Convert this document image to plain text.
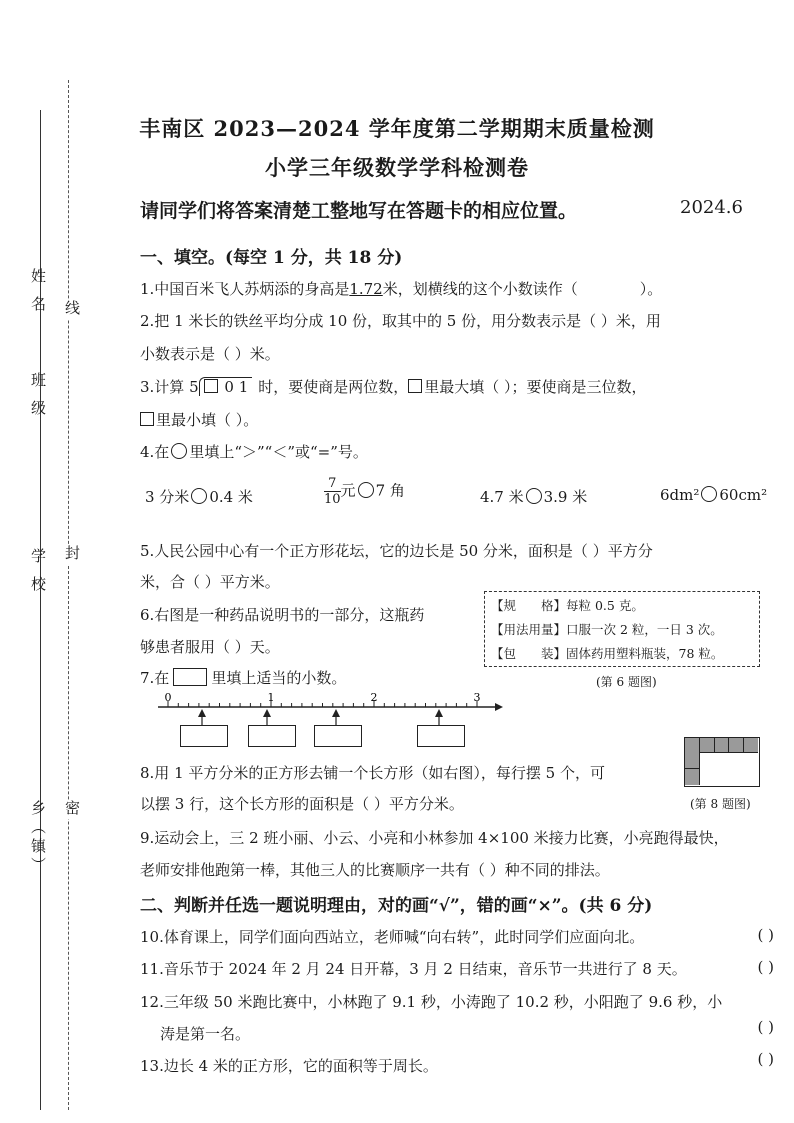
姓 名
班 级
学 校
乡（镇）
线
封
密
丰南区 2023—2024 学年度第二学期期末质量检测
小学三年级数学学科检测卷
请同学们将答案清楚工整地写在答题卡的相应位置。	2024.6
一、填空。(每空 1 分，共 18 分)
1.中国百米飞人苏炳添的身高是1.72米，划横线的这个小数读作（	）。
2.把 1 米长的铁丝平均分成 10 份，取其中的 5 份，用分数表示是（ ）米，用
小数表示是（ ）米。
3.计算 5 0 1 时，要使商是两位数， 里最大填（ ）；要使商是三位数，
里最小填（ ）。
4.在 里填上“＞”“＜”或“=”号。
3 分米 0.4 米	$\frac{7}{10}$ 元 7 角	4.7 米 3.9 米	6dm² 60cm²
5.人民公园中心有一个正方形花坛，它的边长是 50 分米，面积是（ ）平方分
米，合（ ）平方米。
6.右图是一种药品说明书的一部分，这瓶药
够患者服用（ ）天。
【规　　格】每粒 0.5 克。
【用法用量】口服一次 2 粒，一日 3 次。
【包　　装】固体药用塑料瓶装，78 粒。
(第 6 题图)
7.在	里填上适当的小数。
0	1	2	3
8.用 1 平方分米的正方形去铺一个长方形（如右图），每行摆 5 个，可
以摆 3 行，这个长方形的面积是（ ）平方分米。	(第 8 题图)
9.运动会上，三 2 班小丽、小云、小亮和小林参加 4×100 米接力比赛，小亮跑得最快，
老师安排他跑第一棒，其他三人的比赛顺序一共有（ ）种不同的排法。
二、判断并任选一题说明理由，对的画“√”，错的画“×”。(共 6 分)
10.体育课上，同学们面向西站立，老师喊“向右转”，此时同学们应面向北。	( )
11.音乐节于 2024 年 2 月 24 日开幕，3 月 2 日结束，音乐节一共进行了 8 天。	( )
12.三年级 50 米跑比赛中，小林跑了 9.1 秒，小涛跑了 10.2 秒，小阳跑了 9.6 秒，小
涛是第一名。	( )
13.边长 4 米的正方形，它的面积等于周长。	( )
